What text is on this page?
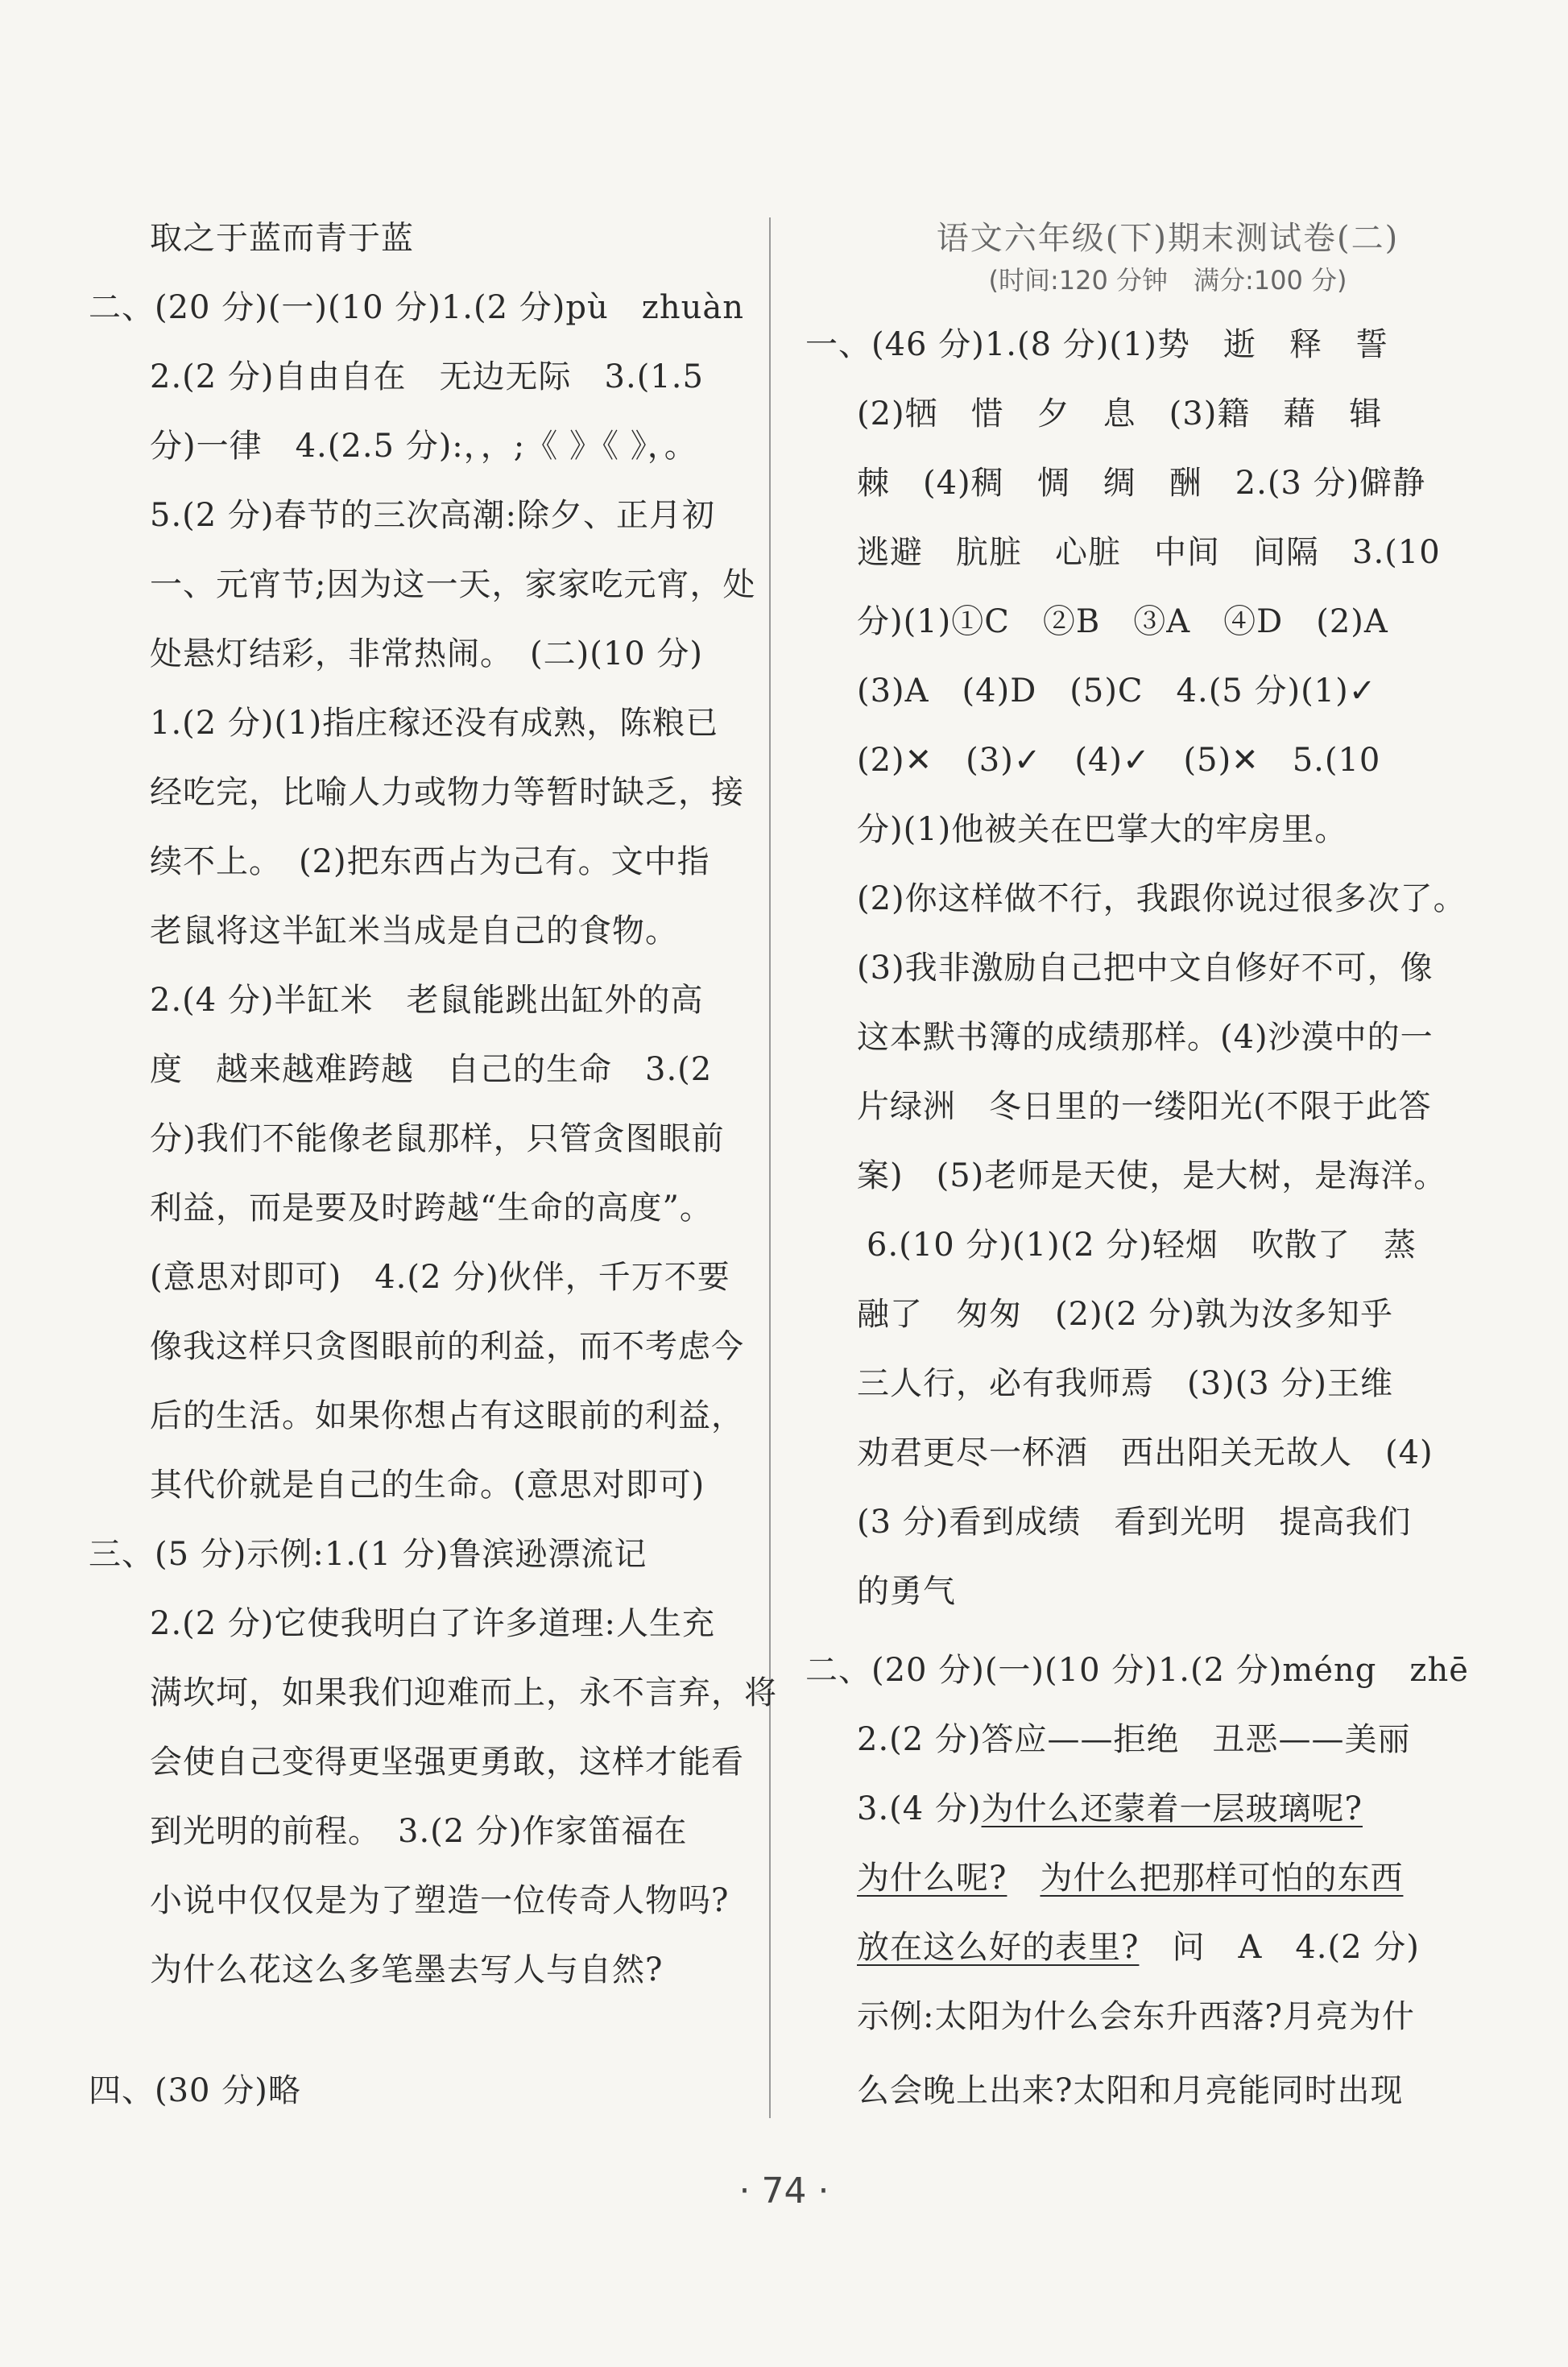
取之于蓝而青于蓝
二、(20 分)(一)(10 分)1.(2 分)pù　zhuàn
2.(2 分)自由自在　无边无际　3.(1.5
分)一律　4.(2.5 分):，，;《 》《 》，。
5.(2 分)春节的三次高潮:除夕、正月初
一、元宵节;因为这一天，家家吃元宵，处
处悬灯结彩，非常热闹。　(二)(10 分)
1.(2 分)(1)指庄稼还没有成熟，陈粮已
经吃完，比喻人力或物力等暂时缺乏，接
续不上。　(2)把东西占为己有。文中指
老鼠将这半缸米当成是自己的食物。
2.(4 分)半缸米　老鼠能跳出缸外的高
度　越来越难跨越　自己的生命　3.(2
分)我们不能像老鼠那样，只管贪图眼前
利益，而是要及时跨越“生命的高度”。
(意思对即可)　4.(2 分)伙伴，千万不要
像我这样只贪图眼前的利益，而不考虑今
后的生活。如果你想占有这眼前的利益，
其代价就是自己的生命。(意思对即可)
三、(5 分)示例:1.(1 分)鲁滨逊漂流记
2.(2 分)它使我明白了许多道理:人生充
满坎坷，如果我们迎难而上，永不言弃，将
会使自己变得更坚强更勇敢，这样才能看
到光明的前程。　3.(2 分)作家笛福在
小说中仅仅是为了塑造一位传奇人物吗?
为什么花这么多笔墨去写人与自然?
四、(30 分)略
语文六年级(下)期末测试卷(二)
(时间:120 分钟　满分:100 分)
一、(46 分)1.(8 分)(1)势　逝　释　誓
(2)牺　惜　夕　息　(3)籍　藉　辑
棘　(4)稠　惆　绸　酬　2.(3 分)僻静
逃避　肮脏　心脏　中间　间隔　3.(10
分)(1)①C　②B　③A　④D　(2)A
(3)A　(4)D　(5)C　4.(5 分)(1)✓
(2)✕　(3)✓　(4)✓　(5)✕　5.(10
分)(1)他被关在巴掌大的牢房里。
(2)你这样做不行，我跟你说过很多次了。
(3)我非激励自己把中文自修好不可，像
这本默书簿的成绩那样。(4)沙漠中的一
片绿洲　冬日里的一缕阳光(不限于此答
案)　(5)老师是天使，是大树，是海洋。
6.(10 分)(1)(2 分)轻烟　吹散了　蒸
融了　匆匆　(2)(2 分)孰为汝多知乎
三人行，必有我师焉　(3)(3 分)王维
劝君更尽一杯酒　西出阳关无故人　(4)
(3 分)看到成绩　看到光明　提高我们
的勇气
二、(20 分)(一)(10 分)1.(2 分)méng　zhē
2.(2 分)答应——拒绝　丑恶——美丽
3.(4 分)为什么还蒙着一层玻璃呢?
为什么呢?　 为什么把那样可怕的东西
放在这么好的表里?　问　A　4.(2 分)
示例:太阳为什么会东升西落?月亮为什
么会晚上出来?太阳和月亮能同时出现
· 74 ·
